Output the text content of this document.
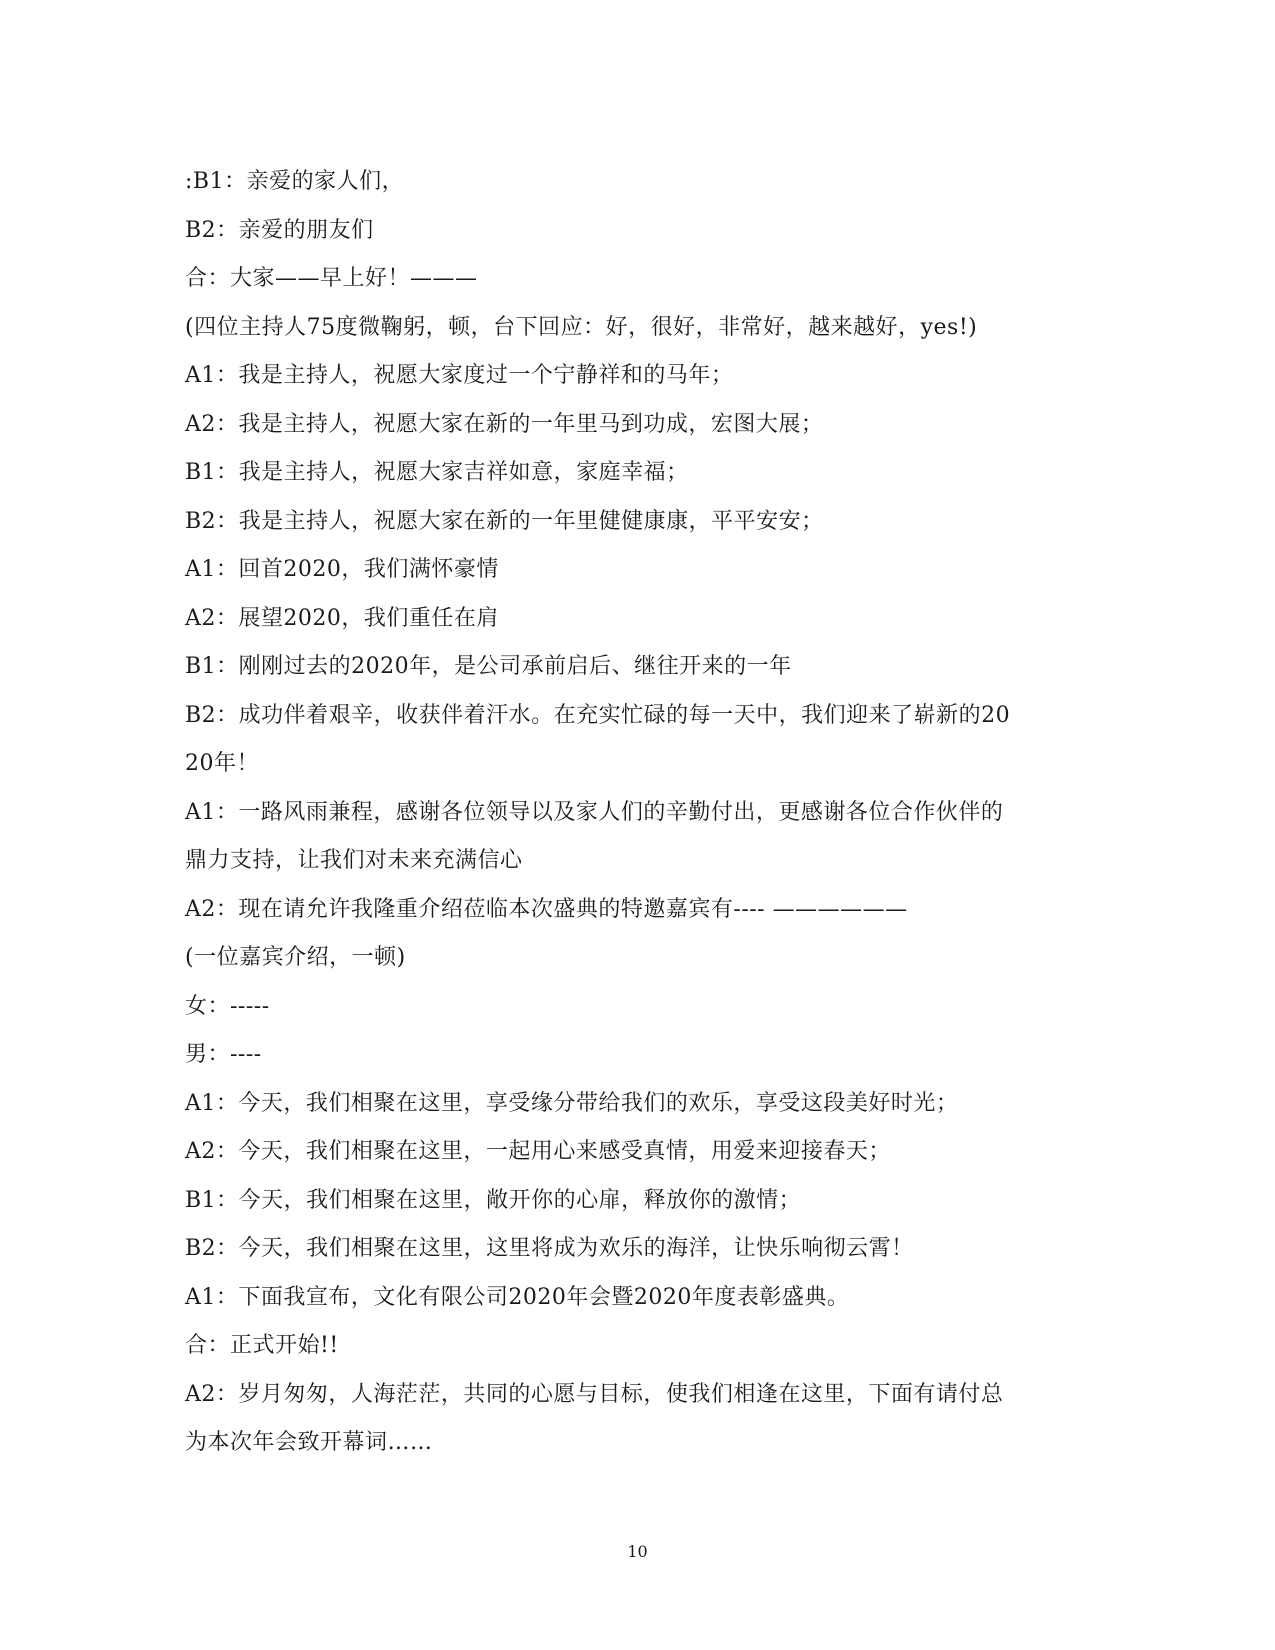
:B1：亲爱的家人们，
B2：亲爱的朋友们
合：大家——早上好！———
(四位主持人75度微鞠躬，顿，台下回应：好，很好，非常好，越来越好，yes!)
A1：我是主持人，祝愿大家度过一个宁静祥和的马年；
A2：我是主持人，祝愿大家在新的一年里马到功成，宏图大展；
B1：我是主持人，祝愿大家吉祥如意，家庭幸福；
B2：我是主持人，祝愿大家在新的一年里健健康康，平平安安；
A1：回首2020，我们满怀豪情
A2：展望2020，我们重任在肩
B1：刚刚过去的2020年，是公司承前启后、继往开来的一年
B2：成功伴着艰辛，收获伴着汗水。在充实忙碌的每一天中，我们迎来了崭新的20
20年！
A1：一路风雨兼程，感谢各位领导以及家人们的辛勤付出，更感谢各位合作伙伴的
鼎力支持，让我们对未来充满信心
A2：现在请允许我隆重介绍莅临本次盛典的特邀嘉宾有---- ——————
(一位嘉宾介绍，一顿)
女：-----
男：----
A1：今天，我们相聚在这里，享受缘分带给我们的欢乐，享受这段美好时光；
A2：今天，我们相聚在这里，一起用心来感受真情，用爱来迎接春天；
B1：今天，我们相聚在这里，敞开你的心扉，释放你的激情；
B2：今天，我们相聚在这里，这里将成为欢乐的海洋，让快乐响彻云霄！
A1：下面我宣布，文化有限公司2020年会暨2020年度表彰盛典。
合：正式开始!!
A2：岁月匆匆，人海茫茫，共同的心愿与目标，使我们相逢在这里，下面有请付总
为本次年会致开幕词……
10
